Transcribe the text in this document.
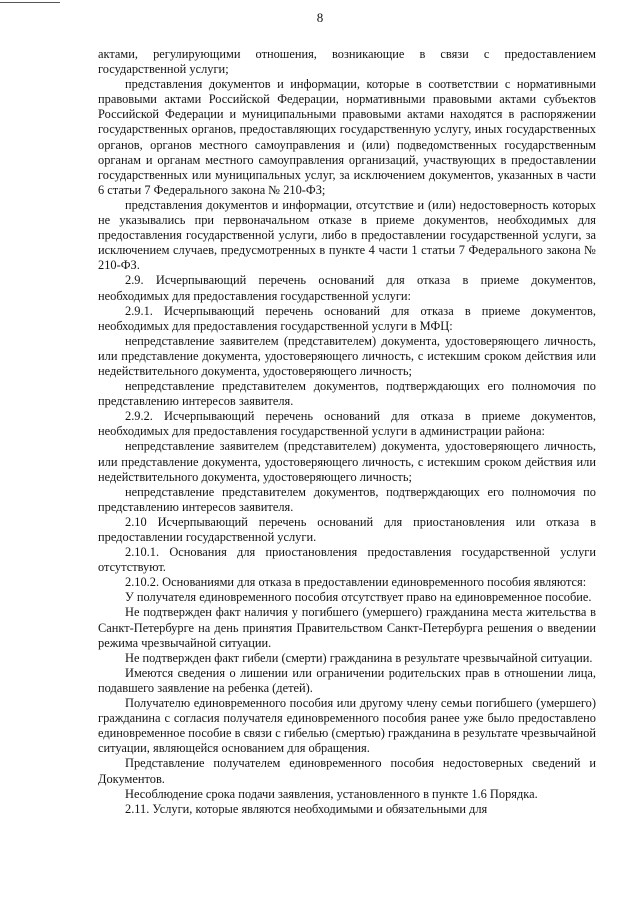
8

актами, регулирующими отношения, возникающие в связи с предоставлением государственной услуги;

представления документов и информации, которые в соответствии с нормативными правовыми актами Российской Федерации, нормативными правовыми актами субъектов Российской Федерации и муниципальными правовыми актами находятся в распоряжении государственных органов, предоставляющих государственную услугу, иных государственных органов, органов местного самоуправления и (или) подведомственных государственным органам и органам местного самоуправления организаций, участвующих в предоставлении государственных или муниципальных услуг, за исключением документов, указанных в части 6 статьи 7 Федерального закона № 210-ФЗ;

представления документов и информации, отсутствие и (или) недостоверность которых не указывались при первоначальном отказе в приеме документов, необходимых для предоставления государственной услуги, либо в предоставлении государственной услуги, за исключением случаев, предусмотренных в пункте 4 части 1 статьи 7 Федерального закона № 210-ФЗ.

2.9. Исчерпывающий перечень оснований для отказа в приеме документов, необходимых для предоставления государственной услуги:

2.9.1. Исчерпывающий перечень оснований для отказа в приеме документов, необходимых для предоставления государственной услуги в МФЦ:

непредставление заявителем (представителем) документа, удостоверяющего личность, или представление документа, удостоверяющего личность, с истекшим сроком действия или недействительного документа, удостоверяющего личность;

непредставление представителем документов, подтверждающих его полномочия по представлению интересов заявителя.

2.9.2. Исчерпывающий перечень оснований для отказа в приеме документов, необходимых для предоставления государственной услуги в администрации района:

непредставление заявителем (представителем) документа, удостоверяющего личность, или представление документа, удостоверяющего личность, с истекшим сроком действия или недействительного документа, удостоверяющего личность;

непредставление представителем документов, подтверждающих его полномочия по представлению интересов заявителя.

2.10 Исчерпывающий перечень оснований для приостановления или отказа в предоставлении государственной услуги.

2.10.1. Основания для приостановления предоставления государственной услуги отсутствуют.

2.10.2. Основаниями для отказа в предоставлении единовременного пособия являются:

У получателя единовременного пособия отсутствует право на единовременное пособие.

Не подтвержден факт наличия у погибшего (умершего) гражданина места жительства в Санкт-Петербурге на день принятия Правительством Санкт-Петербурга решения о введении режима чрезвычайной ситуации.

Не подтвержден факт гибели (смерти) гражданина в результате чрезвычайной ситуации.

Имеются сведения о лишении или ограничении родительских прав в отношении лица, подавшего заявление на ребенка (детей).

Получателю единовременного пособия или другому члену семьи погибшего (умершего) гражданина с согласия получателя единовременного пособия ранее уже было предоставлено единовременное пособие в связи с гибелью (смертью) гражданина в результате чрезвычайной ситуации, являющейся основанием для обращения.

Представление получателем единовременного пособия недостоверных сведений и Документов.

Несоблюдение срока подачи заявления, установленного в пункте 1.6 Порядка.

2.11. Услуги, которые являются необходимыми и обязательными для
